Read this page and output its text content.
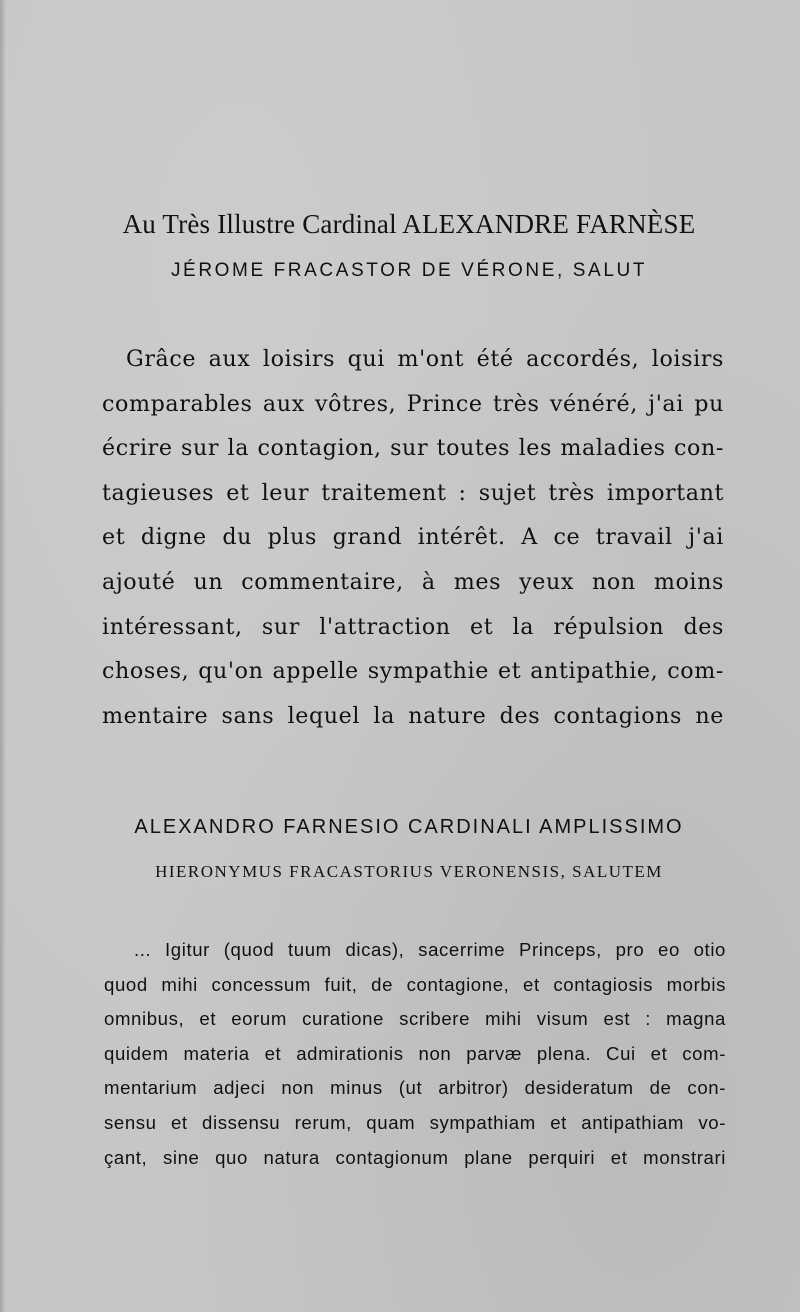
Au Très Illustre Cardinal ALEXANDRE FARNÈSE
JÉROME FRACASTOR DE VÉRONE, SALUT
Grâce aux loisirs qui m'ont été accordés, loisirs
comparables aux vôtres, Prince très vénéré, j'ai pu
écrire sur la contagion, sur toutes les maladies con-
tagieuses et leur traitement : sujet très important
et digne du plus grand intérêt. A ce travail j'ai
ajouté un commentaire, à mes yeux non moins
intéressant, sur l'attraction et la répulsion des
choses, qu'on appelle sympathie et antipathie, com-
mentaire sans lequel la nature des contagions ne
ALEXANDRO FARNESIO CARDINALI AMPLISSIMO
HIERONYMUS FRACASTORIUS VERONENSIS, SALUTEM
... Igitur (quod tuum dicas), sacerrime Princeps, pro eo otio
quod mihi concessum fuit, de contagione, et contagiosis morbis
omnibus, et eorum curatione scribere mihi visum est : magna
quidem materia et admirationis non parvæ plena. Cui et com-
mentarium adjeci non minus (ut arbitror) desideratum de con-
sensu et dissensu rerum, quam sympathiam et antipathiam vo-
çant, sine quo natura contagionum plane perquiri et monstrari
